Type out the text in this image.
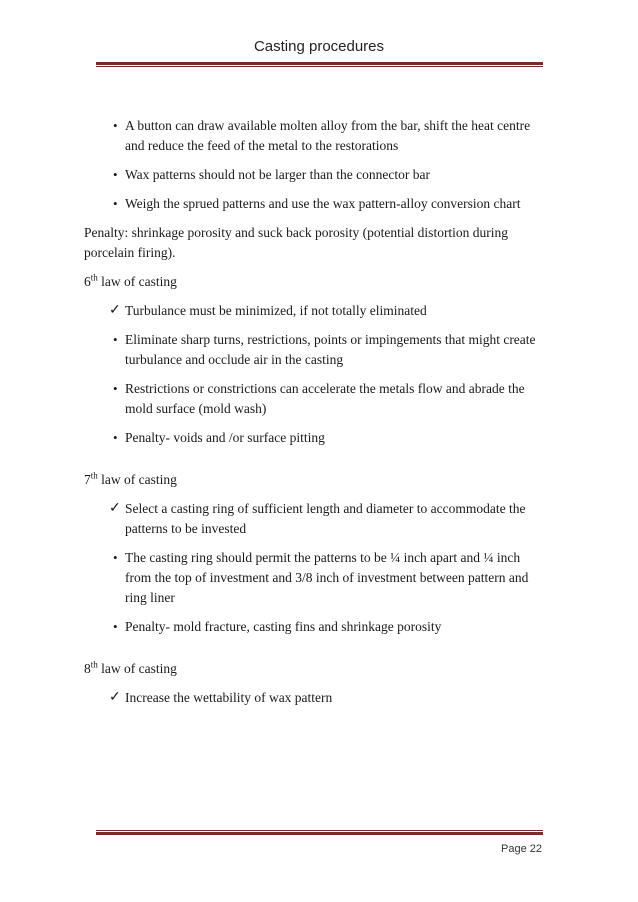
Casting procedures
• A button can draw available molten alloy from the bar, shift the heat centre and reduce the feed of the metal to the restorations
• Wax patterns should not be larger than the connector bar
• Weigh the sprued patterns and use the wax pattern-alloy conversion chart

Penalty: shrinkage porosity and suck back porosity (potential distortion during porcelain firing).

6th law of casting

✓ Turbulance must be minimized, if not totally eliminated
• Eliminate sharp turns, restrictions, points or impingements that might create turbulance and occlude air in the casting
• Restrictions or constrictions can accelerate the metals flow and abrade the mold surface (mold wash)
• Penalty- voids and /or surface pitting

7th law of casting

✓ Select a casting ring of sufficient length and diameter to accommodate the patterns to be invested
• The casting ring should permit the patterns to be ¼ inch apart and ¼ inch from the top of investment and 3/8 inch of investment between pattern and ring liner
• Penalty- mold fracture, casting fins and shrinkage porosity

8th law of casting

✓ Increase the wettability of wax pattern
Page 22
